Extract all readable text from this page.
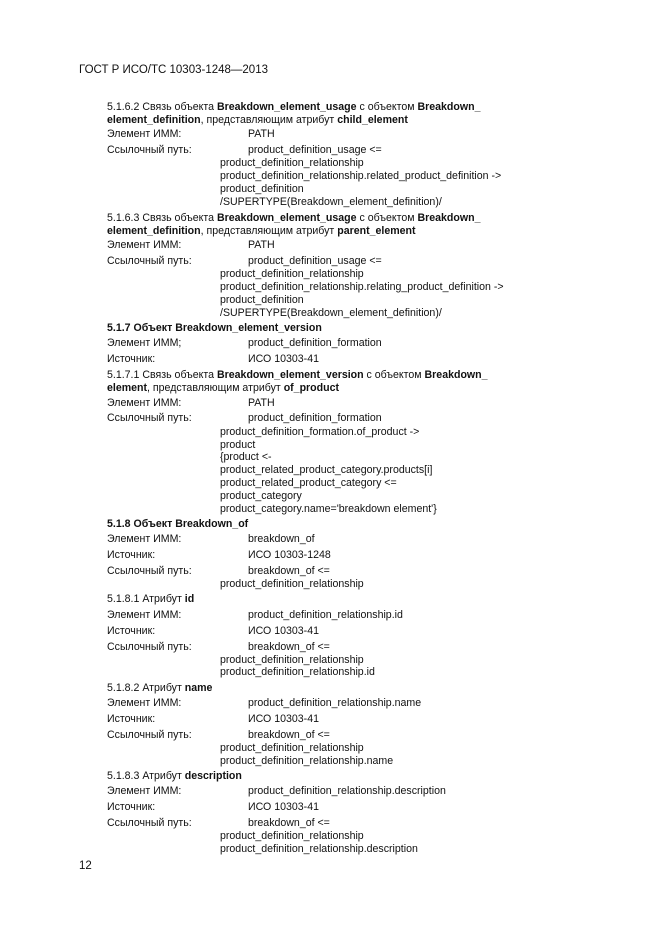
ГОСТ Р ИСО/ТС 10303-1248—2013
5.1.6.2 Связь объекта Breakdown_element_usage с объектом Breakdown_
element_definition, представляющим атрибут child_element
Элемент ИММ:	PATH
Ссылочный путь:	product_definition_usage <=
product_definition_relationship
product_definition_relationship.related_product_definition ->
product_definition
/SUPERTYPE(Breakdown_element_definition)/
5.1.6.3 Связь объекта Breakdown_element_usage с объектом Breakdown_
element_definition, представляющим атрибут parent_element
Элемент ИММ:	PATH
Ссылочный путь:	product_definition_usage <=
product_definition_relationship
product_definition_relationship.relating_product_definition ->
product_definition
/SUPERTYPE(Breakdown_element_definition)/
5.1.7 Объект Breakdown_element_version
Элемент ИММ;	product_definition_formation
Источник:	ИСО 10303-41
5.1.7.1 Связь объекта Breakdown_element_version с объектом Breakdown_
element, представляющим атрибут of_product
Элемент ИММ:	PATH
Ссылочный путь:	product_definition_formation
product_definition_formation.of_product ->
product
{product <-
product_related_product_category.products[i]
product_related_product_category <=
product_category
product_category.name='breakdown element'}
5.1.8 Объект Breakdown_of
Элемент ИММ:	breakdown_of
Источник:	ИСО 10303-1248
Ссылочный путь:	breakdown_of <=
product_definition_relationship
5.1.8.1 Атрибут id
Элемент ИММ:	product_definition_relationship.id
Источник:	ИСО 10303-41
Ссылочный путь:	breakdown_of <=
product_definition_relationship
product_definition_relationship.id
5.1.8.2 Атрибут name
Элемент ИММ:	product_definition_relationship.name
Источник:	ИСО 10303-41
Ссылочный путь:	breakdown_of <=
product_definition_relationship
product_definition_relationship.name
5.1.8.3 Атрибут description
Элемент ИММ:	product_definition_relationship.description
Источник:	ИСО 10303-41
Ссылочный путь:	breakdown_of <=
product_definition_relationship
product_definition_relationship.description
12
